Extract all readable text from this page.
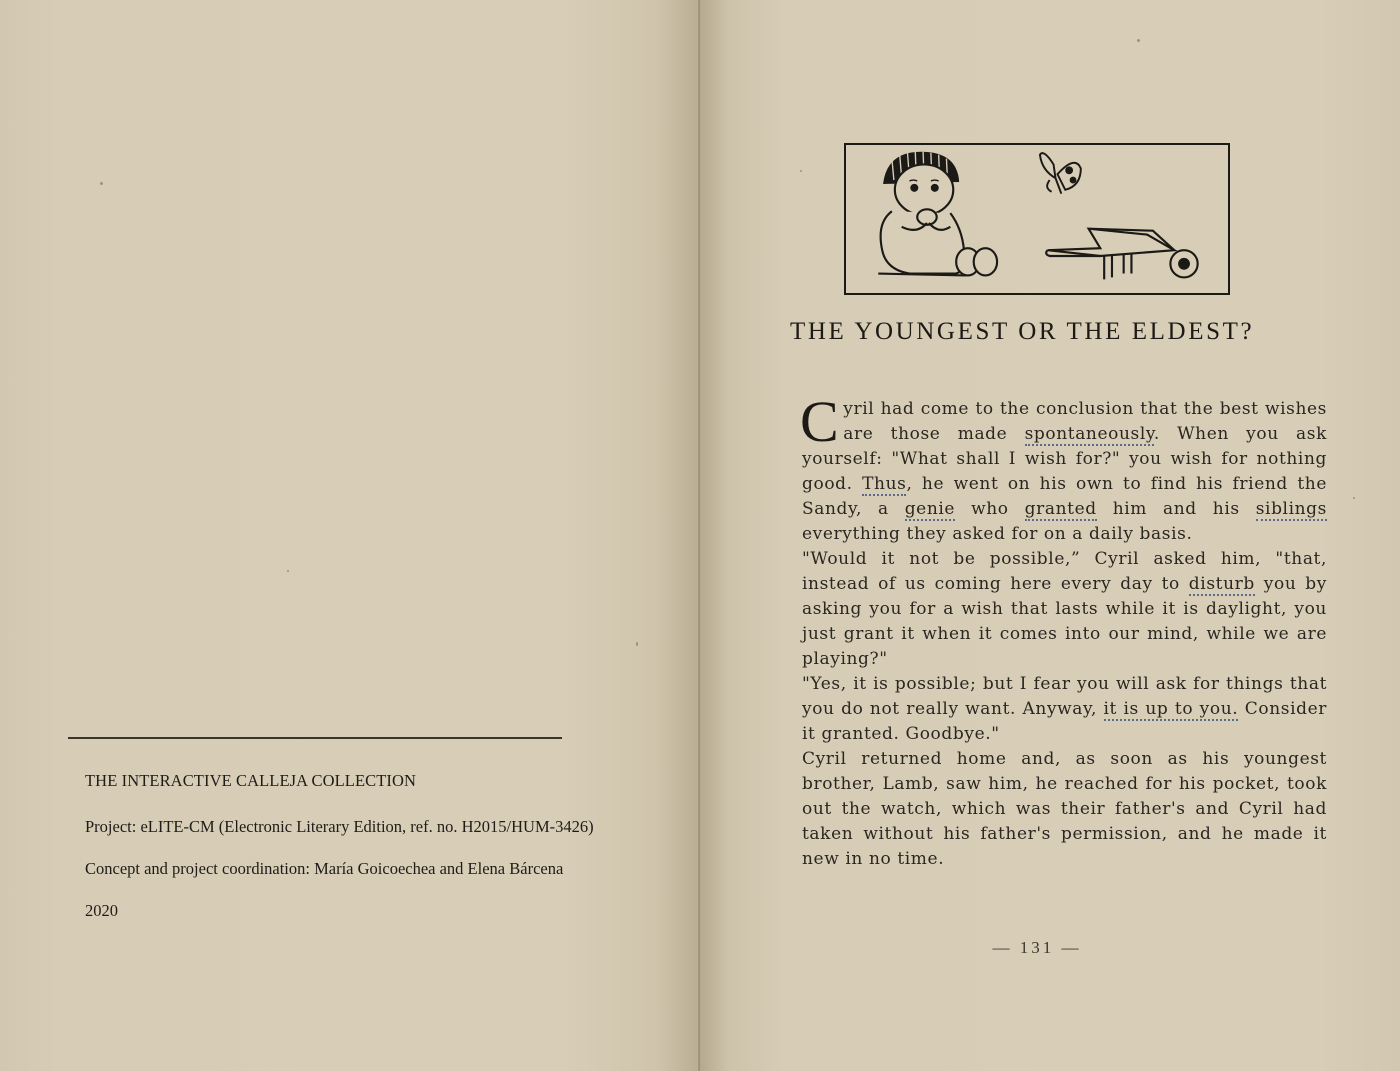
THE INTERACTIVE CALLEJA COLLECTION

Project: eLITE-CM (Electronic Literary Edition, ref. no. H2015/HUM-3426)

Concept and project coordination: María Goicoechea and Elena Bárcena

2020
THE YOUNGEST OR THE ELDEST?

Cyril had come to the conclusion that the best wishes are those made spontaneously. When you ask yourself: "What shall I wish for?" you wish for nothing good. Thus, he went on his own to find his friend the Sandy, a genie who granted him and his siblings everything they asked for on a daily basis.

"Would it not be possible,” Cyril asked him, "that, instead of us coming here every day to disturb you by asking you for a wish that lasts while it is daylight, you just grant it when it comes into our mind, while we are playing?"

"Yes, it is possible; but I fear you will ask for things that you do not really want. Anyway, it is up to you. Consider it granted. Goodbye."

Cyril returned home and, as soon as his youngest brother, Lamb, saw him, he reached for his pocket, took out the watch, which was their father's and Cyril had taken without his father's permission, and he made it new in no time.

— 131 —
